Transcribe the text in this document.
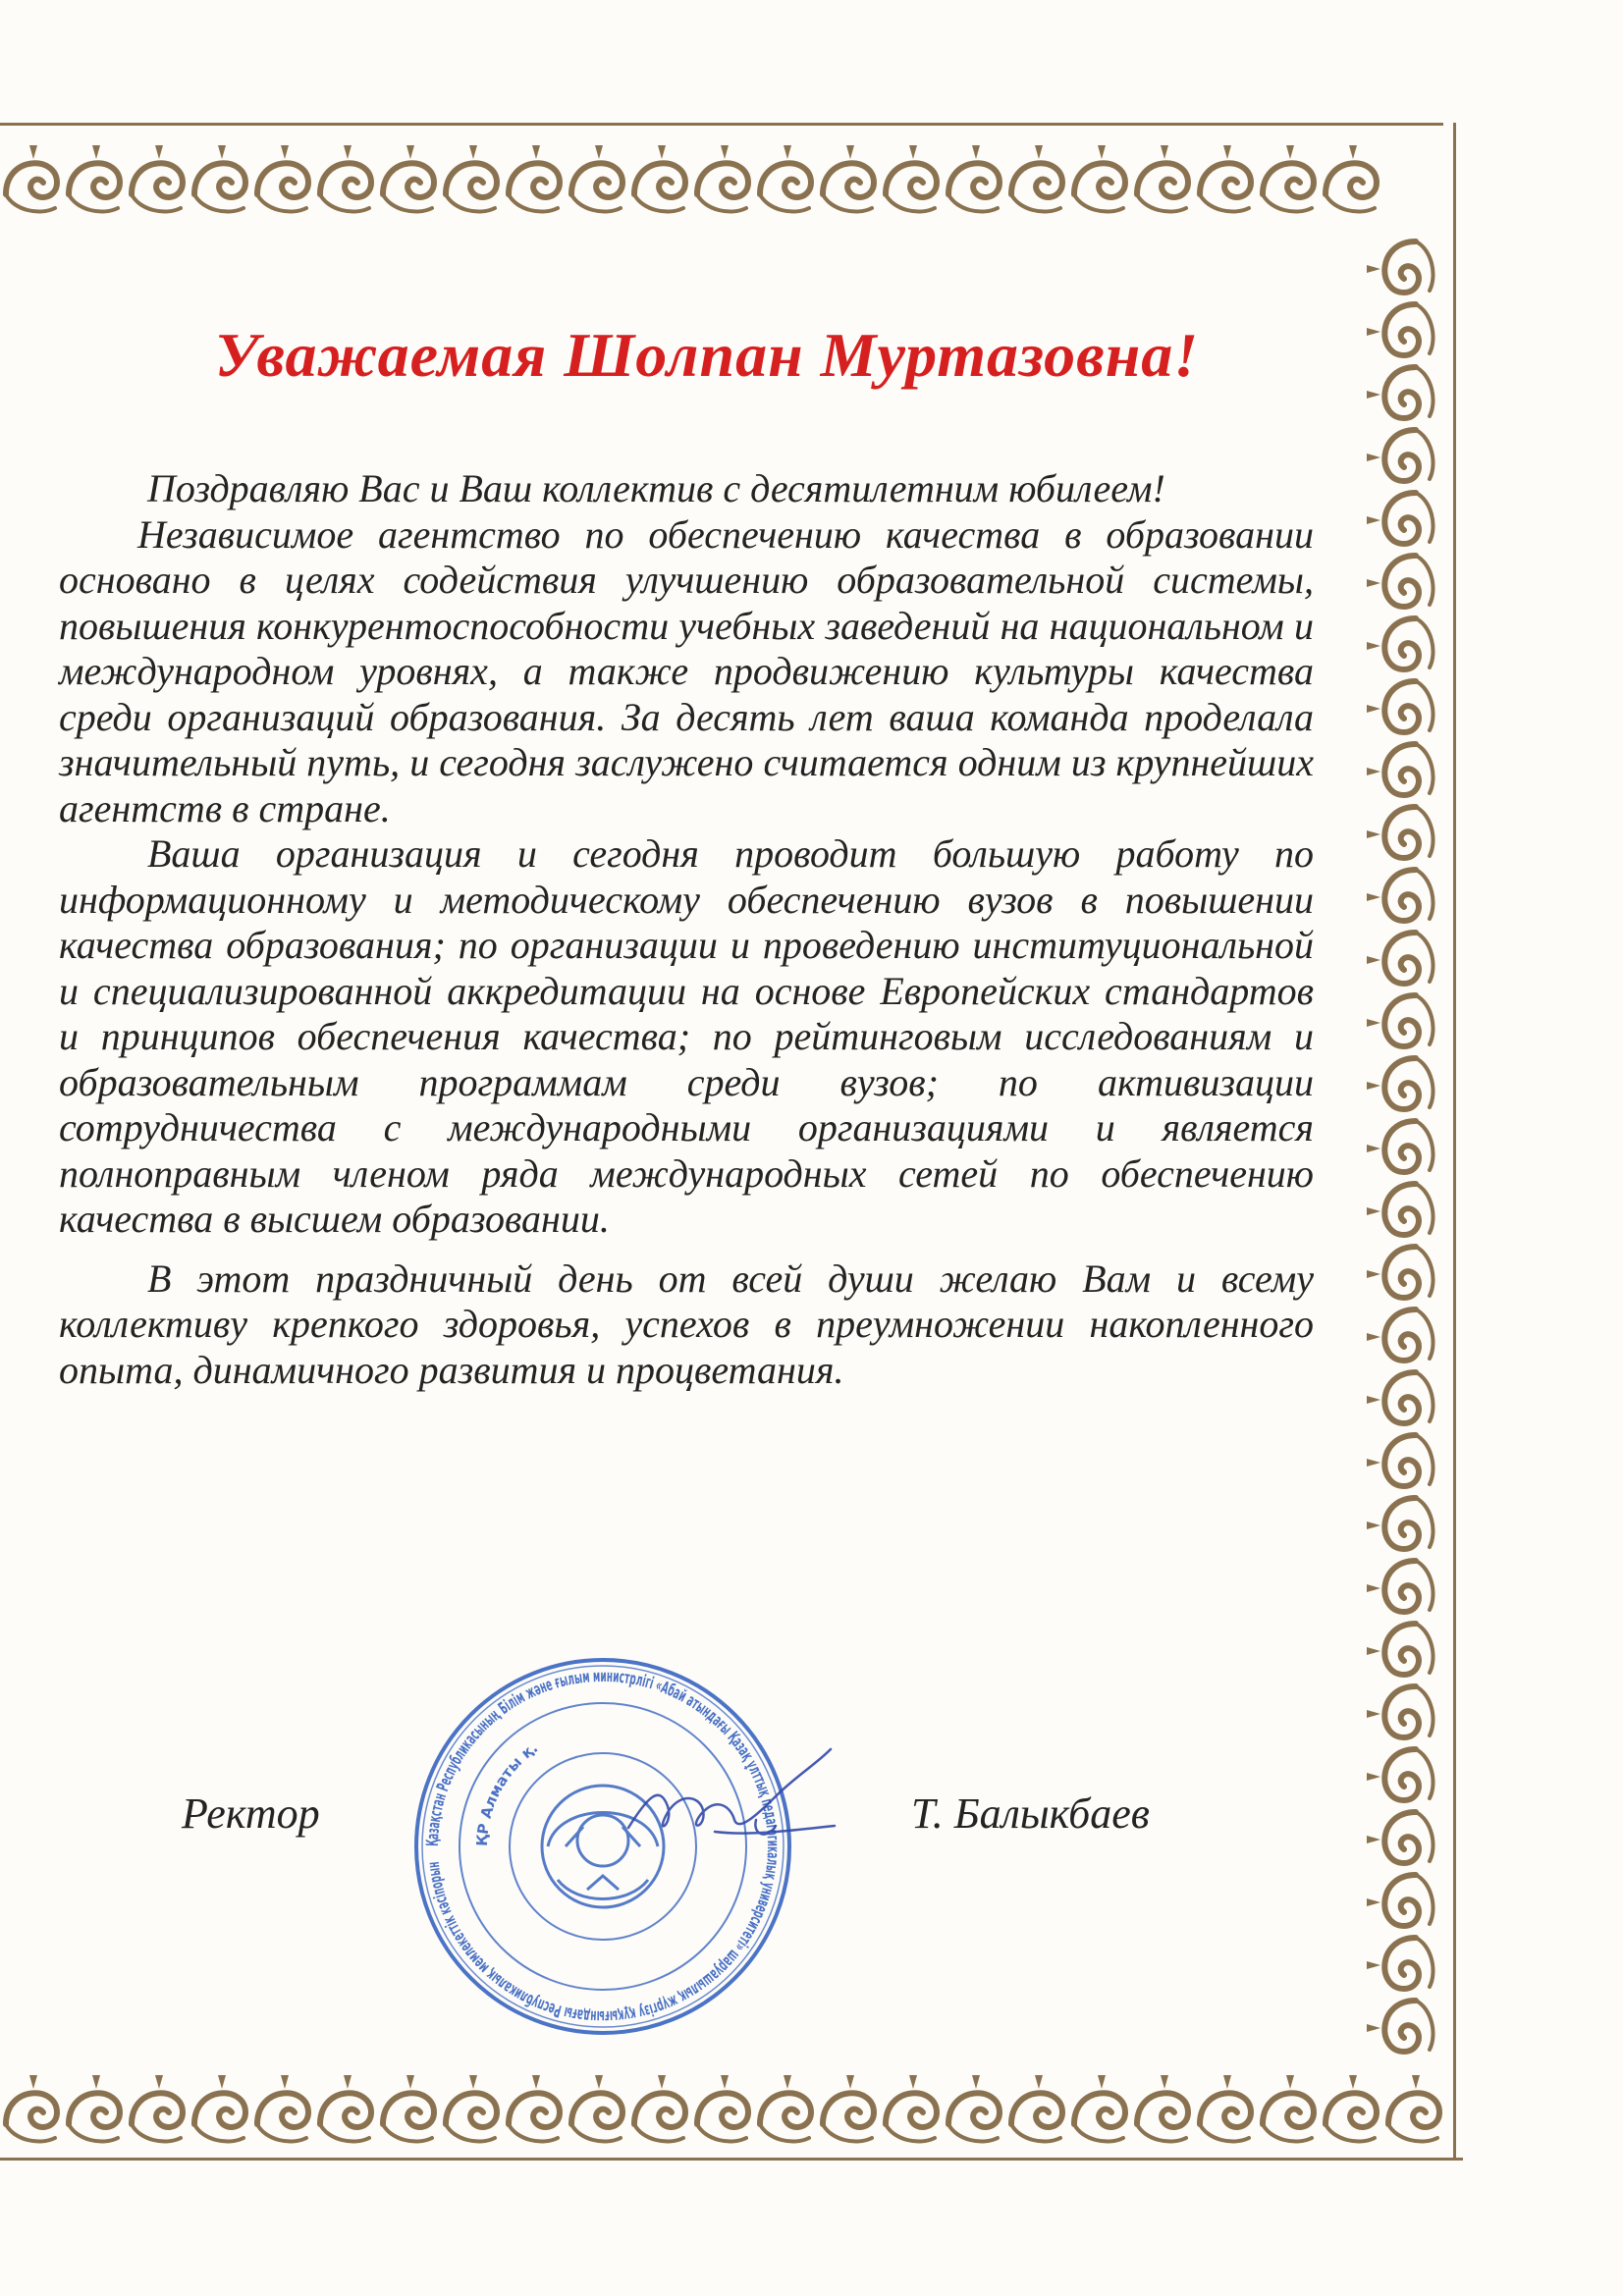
Уважаемая Шолпан Муртазовна!

Поздравляю Вас и Ваш коллектив с десятилетним юбилеем!

Независимое агентство по обеспечению качества в образовании основано в целях содействия улучшению образовательной системы, повышения конкурентоспособности учебных заведений на национальном и международном уровнях, а также продвижению культуры качества среди организаций образования. За десять лет ваша команда проделала значительный путь, и сегодня заслужено считается одним из крупнейших агентств в стране.

Ваша организация и сегодня проводит большую работу по информационному и методическому обеспечению вузов в повышении качества образования; по организации и проведению институциональной и специализированной аккредитации на основе Европейских стандартов и принципов обеспечения качества; по рейтинговым исследованиям и образовательным программам среди вузов; по активизации сотрудничества с международными организациями и является полноправным членом ряда международных сетей по обеспечению качества в высшем образовании.

В этот праздничный день от всей души желаю Вам и всему коллективу крепкого здоровья, успехов в преумножении накопленного опыта, динамичного развития и процветания.

Қазақстан Республикасының Білім және ғылым министрлігі «Абай атындағы Қазақ ұлттық педагогикалық университеті» шаруашылық жүргізу құқығындағы Республикалық мемлекеттік кәсіпорын
ҚР Алматы қ.
Ректор	Т. Балыкбаев
